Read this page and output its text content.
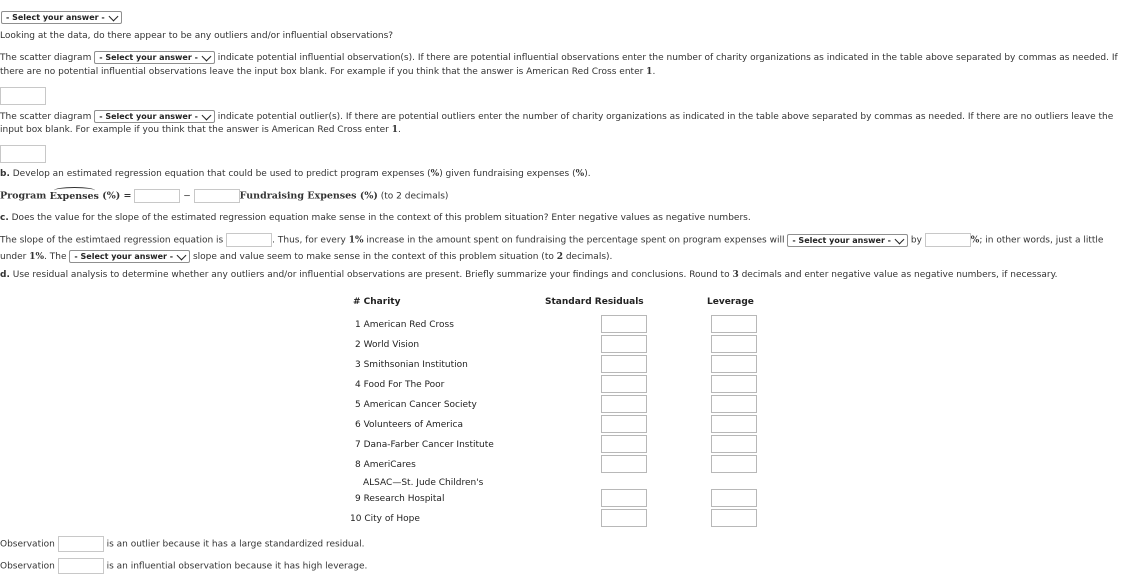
- Select your answer -
Looking at the data, do there appear to be any outliers and/or influential observations?
The scatter diagram - Select your answer - indicate potential influential observation(s). If there are potential influential observations enter the number of charity organizations as indicated in the table above separated by commas as needed. If
there are no potential influential observations leave the input box blank. For example if you think that the answer is American Red Cross enter 1.
The scatter diagram - Select your answer - indicate potential outlier(s). If there are potential outliers enter the number of charity organizations as indicated in the table above separated by commas as needed. If there are no outliers leave the
input box blank. For example if you think that the answer is American Red Cross enter 1.
b. Develop an estimated regression equation that could be used to predict program expenses (%) given fundraising expenses (%).
Program Expenses (%) =	−	Fundraising Expenses (%) (to 2 decimals)
c. Does the value for the slope of the estimated regression equation make sense in the context of this problem situation? Enter negative values as negative numbers.
The slope of the estimtaed regression equation is	. Thus, for every 1% increase in the amount spent on fundraising the percentage spent on program expenses will - Select your answer - by	%; in other words, just a little
under 1%. The - Select your answer - slope and value seem to make sense in the context of this problem situation (to 2 decimals).
d. Use residual analysis to determine whether any outliers and/or influential observations are present. Briefly summarize your findings and conclusions. Round to 3 decimals and enter negative value as negative numbers, if necessary.
# Charity	Standard Residuals	Leverage
1 American Red Cross
2 World Vision
3 Smithsonian Institution
4 Food For The Poor
5 American Cancer Society
6 Volunteers of America
7 Dana-Farber Cancer Institute
8 AmeriCares
ALSAC—St. Jude Children's
9 Research Hospital
10 City of Hope
Observation	is an outlier because it has a large standardized residual.
Observation	is an influential observation because it has high leverage.
